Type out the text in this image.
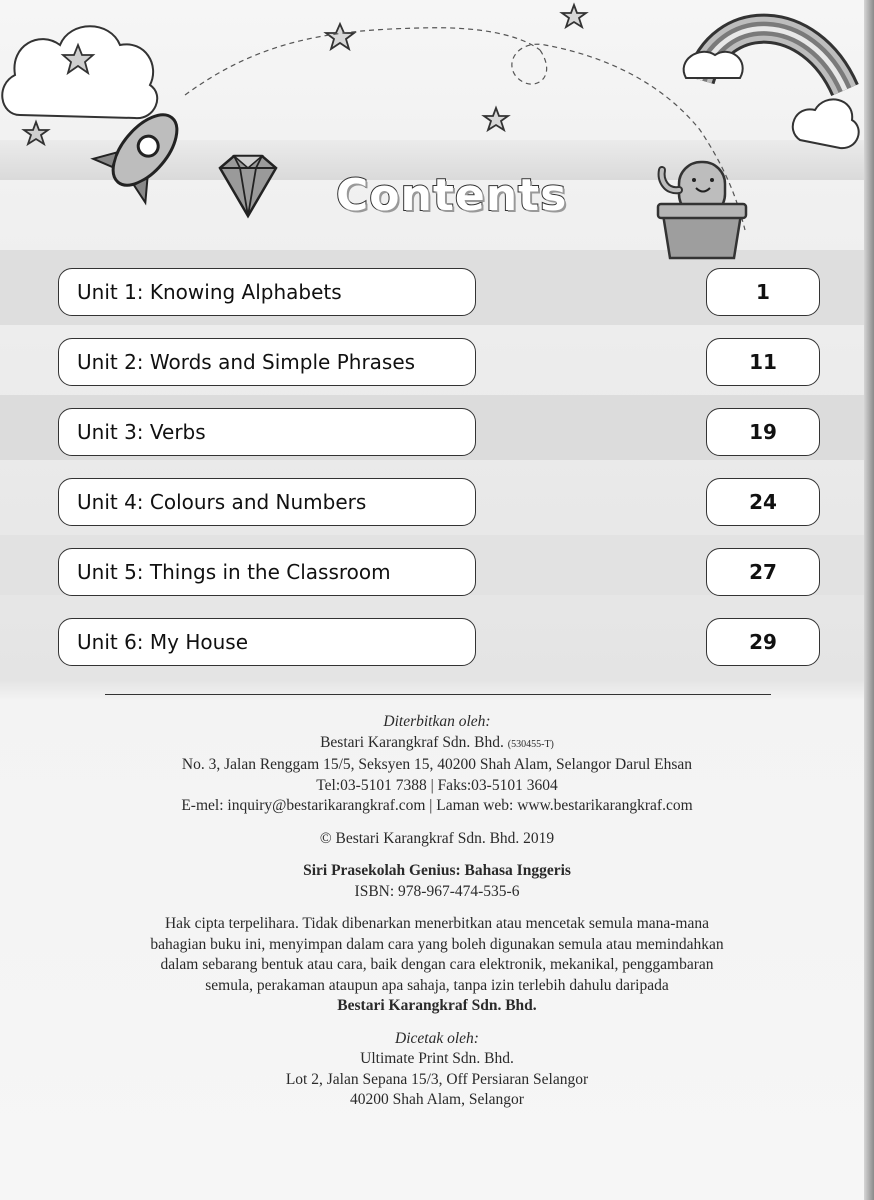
Contents
Unit 1: Knowing Alphabets	1
Unit 2: Words and Simple Phrases	11
Unit 3: Verbs	19
Unit 4: Colours and Numbers	24
Unit 5: Things in the Classroom	27
Unit 6: My House	29
Diterbitkan oleh:
Bestari Karangkraf Sdn. Bhd. (530455-T)
No. 3, Jalan Renggam 15/5, Seksyen 15, 40200 Shah Alam, Selangor Darul Ehsan
Tel:03-5101 7388 | Faks:03-5101 3604
E-mel: inquiry@bestarikarangkraf.com | Laman web: www.bestarikarangkraf.com
© Bestari Karangkraf Sdn. Bhd. 2019
Siri Prasekolah Genius: Bahasa Inggeris
ISBN: 978-967-474-535-6
Hak cipta terpelihara. Tidak dibenarkan menerbitkan atau mencetak semula mana-mana
bahagian buku ini, menyimpan dalam cara yang boleh digunakan semula atau memindahkan
dalam sebarang bentuk atau cara, baik dengan cara elektronik, mekanikal, penggambaran
semula, perakaman ataupun apa sahaja, tanpa izin terlebih dahulu daripada
Bestari Karangkraf Sdn. Bhd.
Dicetak oleh:
Ultimate Print Sdn. Bhd.
Lot 2, Jalan Sepana 15/3, Off Persiaran Selangor
40200 Shah Alam, Selangor
